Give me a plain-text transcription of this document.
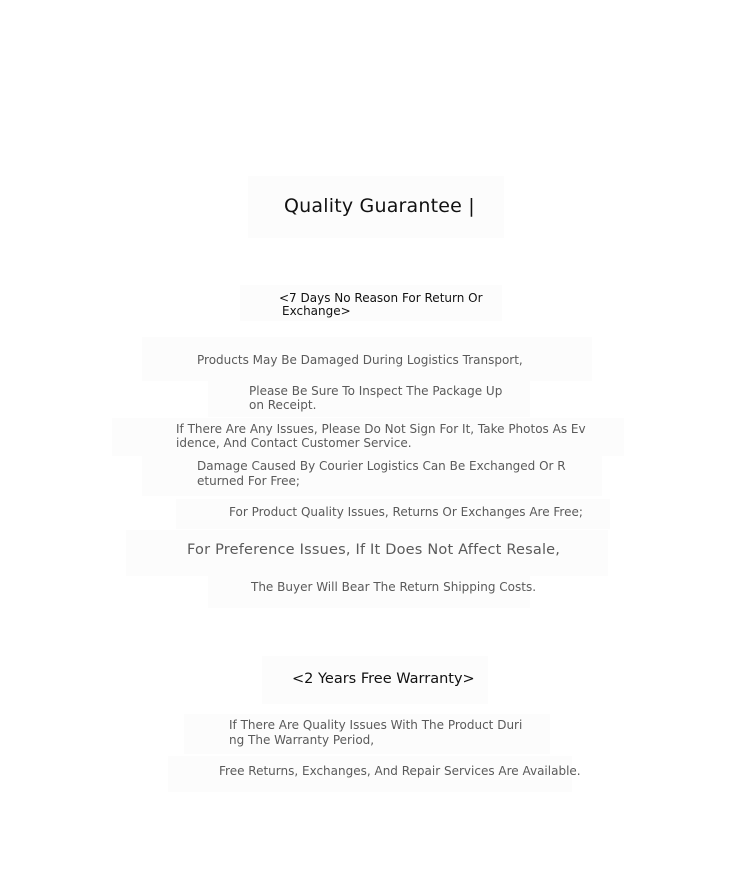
Quality Guarantee |
<7 Days No Reason For Return Or
Exchange>
Products May Be Damaged During Logistics Transport,
Please Be Sure To Inspect The Package Up
on Receipt.
If There Are Any Issues, Please Do Not Sign For It, Take Photos As Ev
idence, And Contact Customer Service.
Damage Caused By Courier Logistics Can Be Exchanged Or R
eturned For Free;
For Product Quality Issues, Returns Or Exchanges Are Free;
For Preference Issues, If It Does Not Affect Resale,
The Buyer Will Bear The Return Shipping Costs.
<2 Years Free Warranty>
If There Are Quality Issues With The Product Duri
ng The Warranty Period,
Free Returns, Exchanges, And Repair Services Are Available.
